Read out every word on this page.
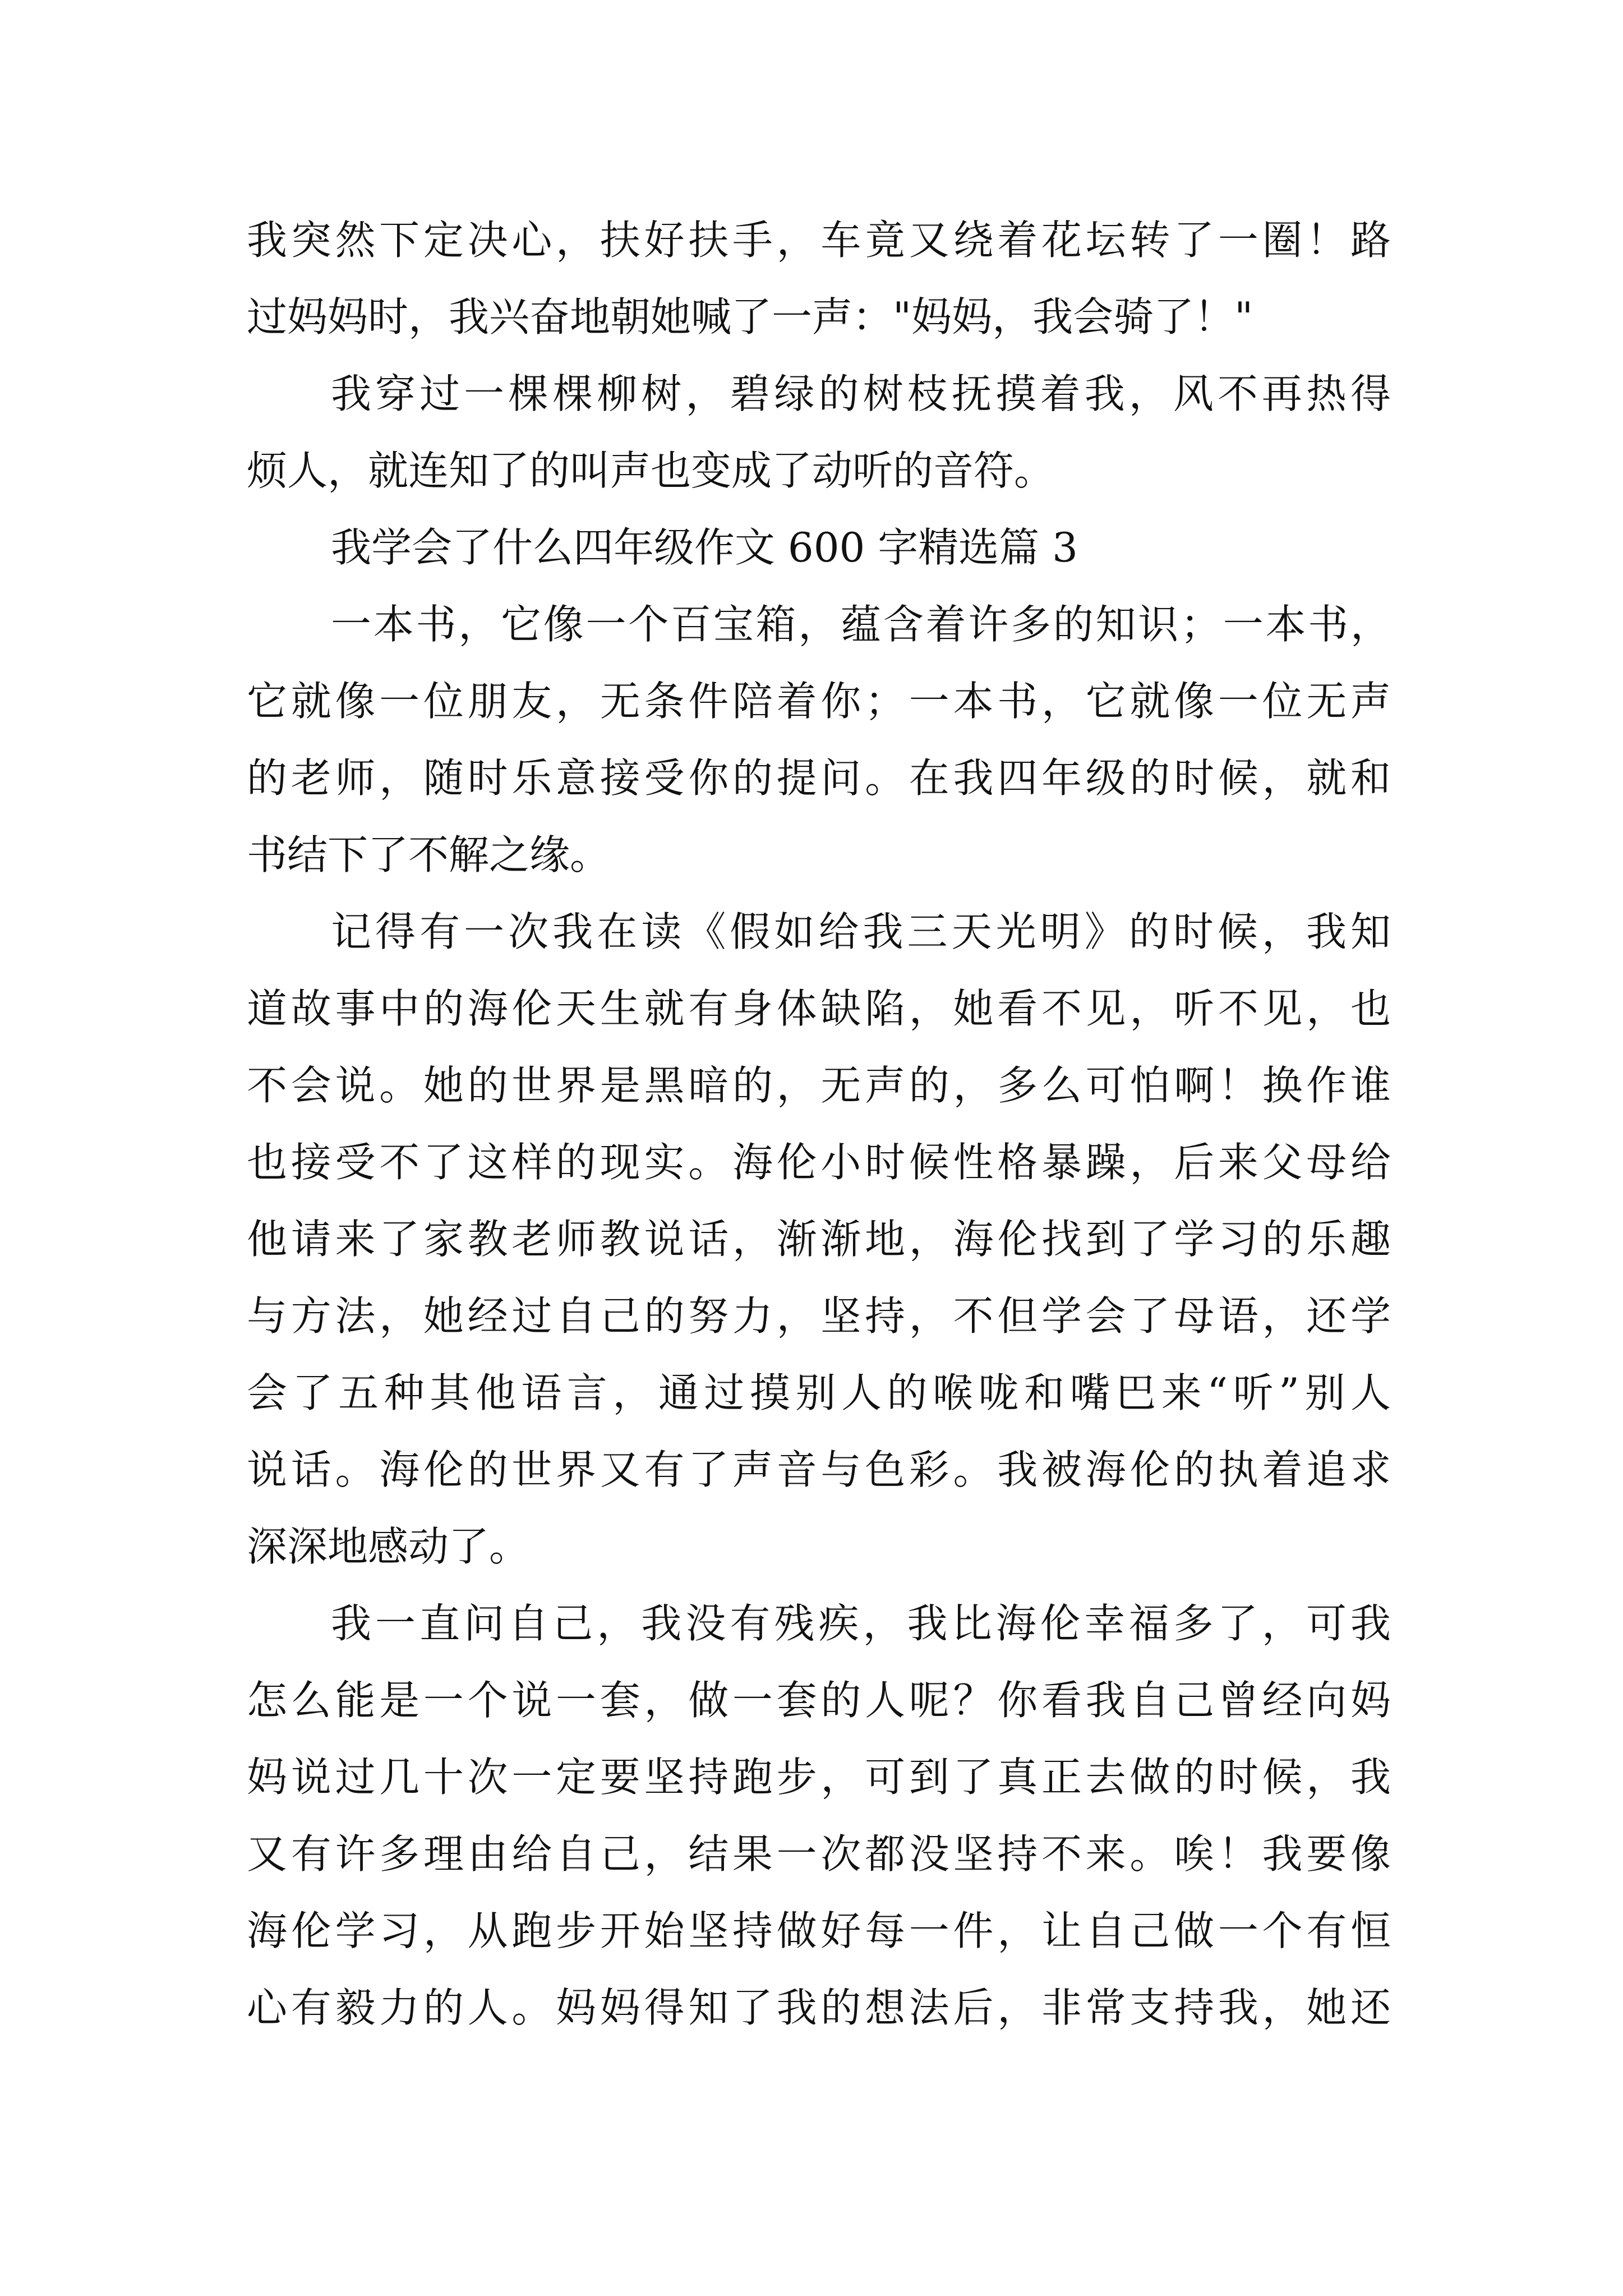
我突然下定决心，扶好扶手，车竟又绕着花坛转了一圈！路
过妈妈时，我兴奋地朝她喊了一声："妈妈，我会骑了！"
我穿过一棵棵柳树，碧绿的树枝抚摸着我，风不再热得
烦人，就连知了的叫声也变成了动听的音符。
我学会了什么四年级作文 600 字精选篇 3
一本书，它像一个百宝箱，蕴含着许多的知识；一本书，
它就像一位朋友，无条件陪着你；一本书，它就像一位无声
的老师，随时乐意接受你的提问。在我四年级的时候，就和
书结下了不解之缘。
记得有一次我在读《假如给我三天光明》的时候，我知
道故事中的海伦天生就有身体缺陷，她看不见，听不见，也
不会说。她的世界是黑暗的，无声的，多么可怕啊！换作谁
也接受不了这样的现实。海伦小时候性格暴躁，后来父母给
他请来了家教老师教说话，渐渐地，海伦找到了学习的乐趣
与方法，她经过自己的努力，坚持，不但学会了母语，还学
会了五种其他语言，通过摸别人的喉咙和嘴巴来“听”别人
说话。海伦的世界又有了声音与色彩。我被海伦的执着追求
深深地感动了。
我一直问自己，我没有残疾，我比海伦幸福多了，可我
怎么能是一个说一套，做一套的人呢？你看我自己曾经向妈
妈说过几十次一定要坚持跑步，可到了真正去做的时候，我
又有许多理由给自己，结果一次都没坚持不来。唉！我要像
海伦学习，从跑步开始坚持做好每一件，让自己做一个有恒
心有毅力的人。妈妈得知了我的想法后，非常支持我，她还
